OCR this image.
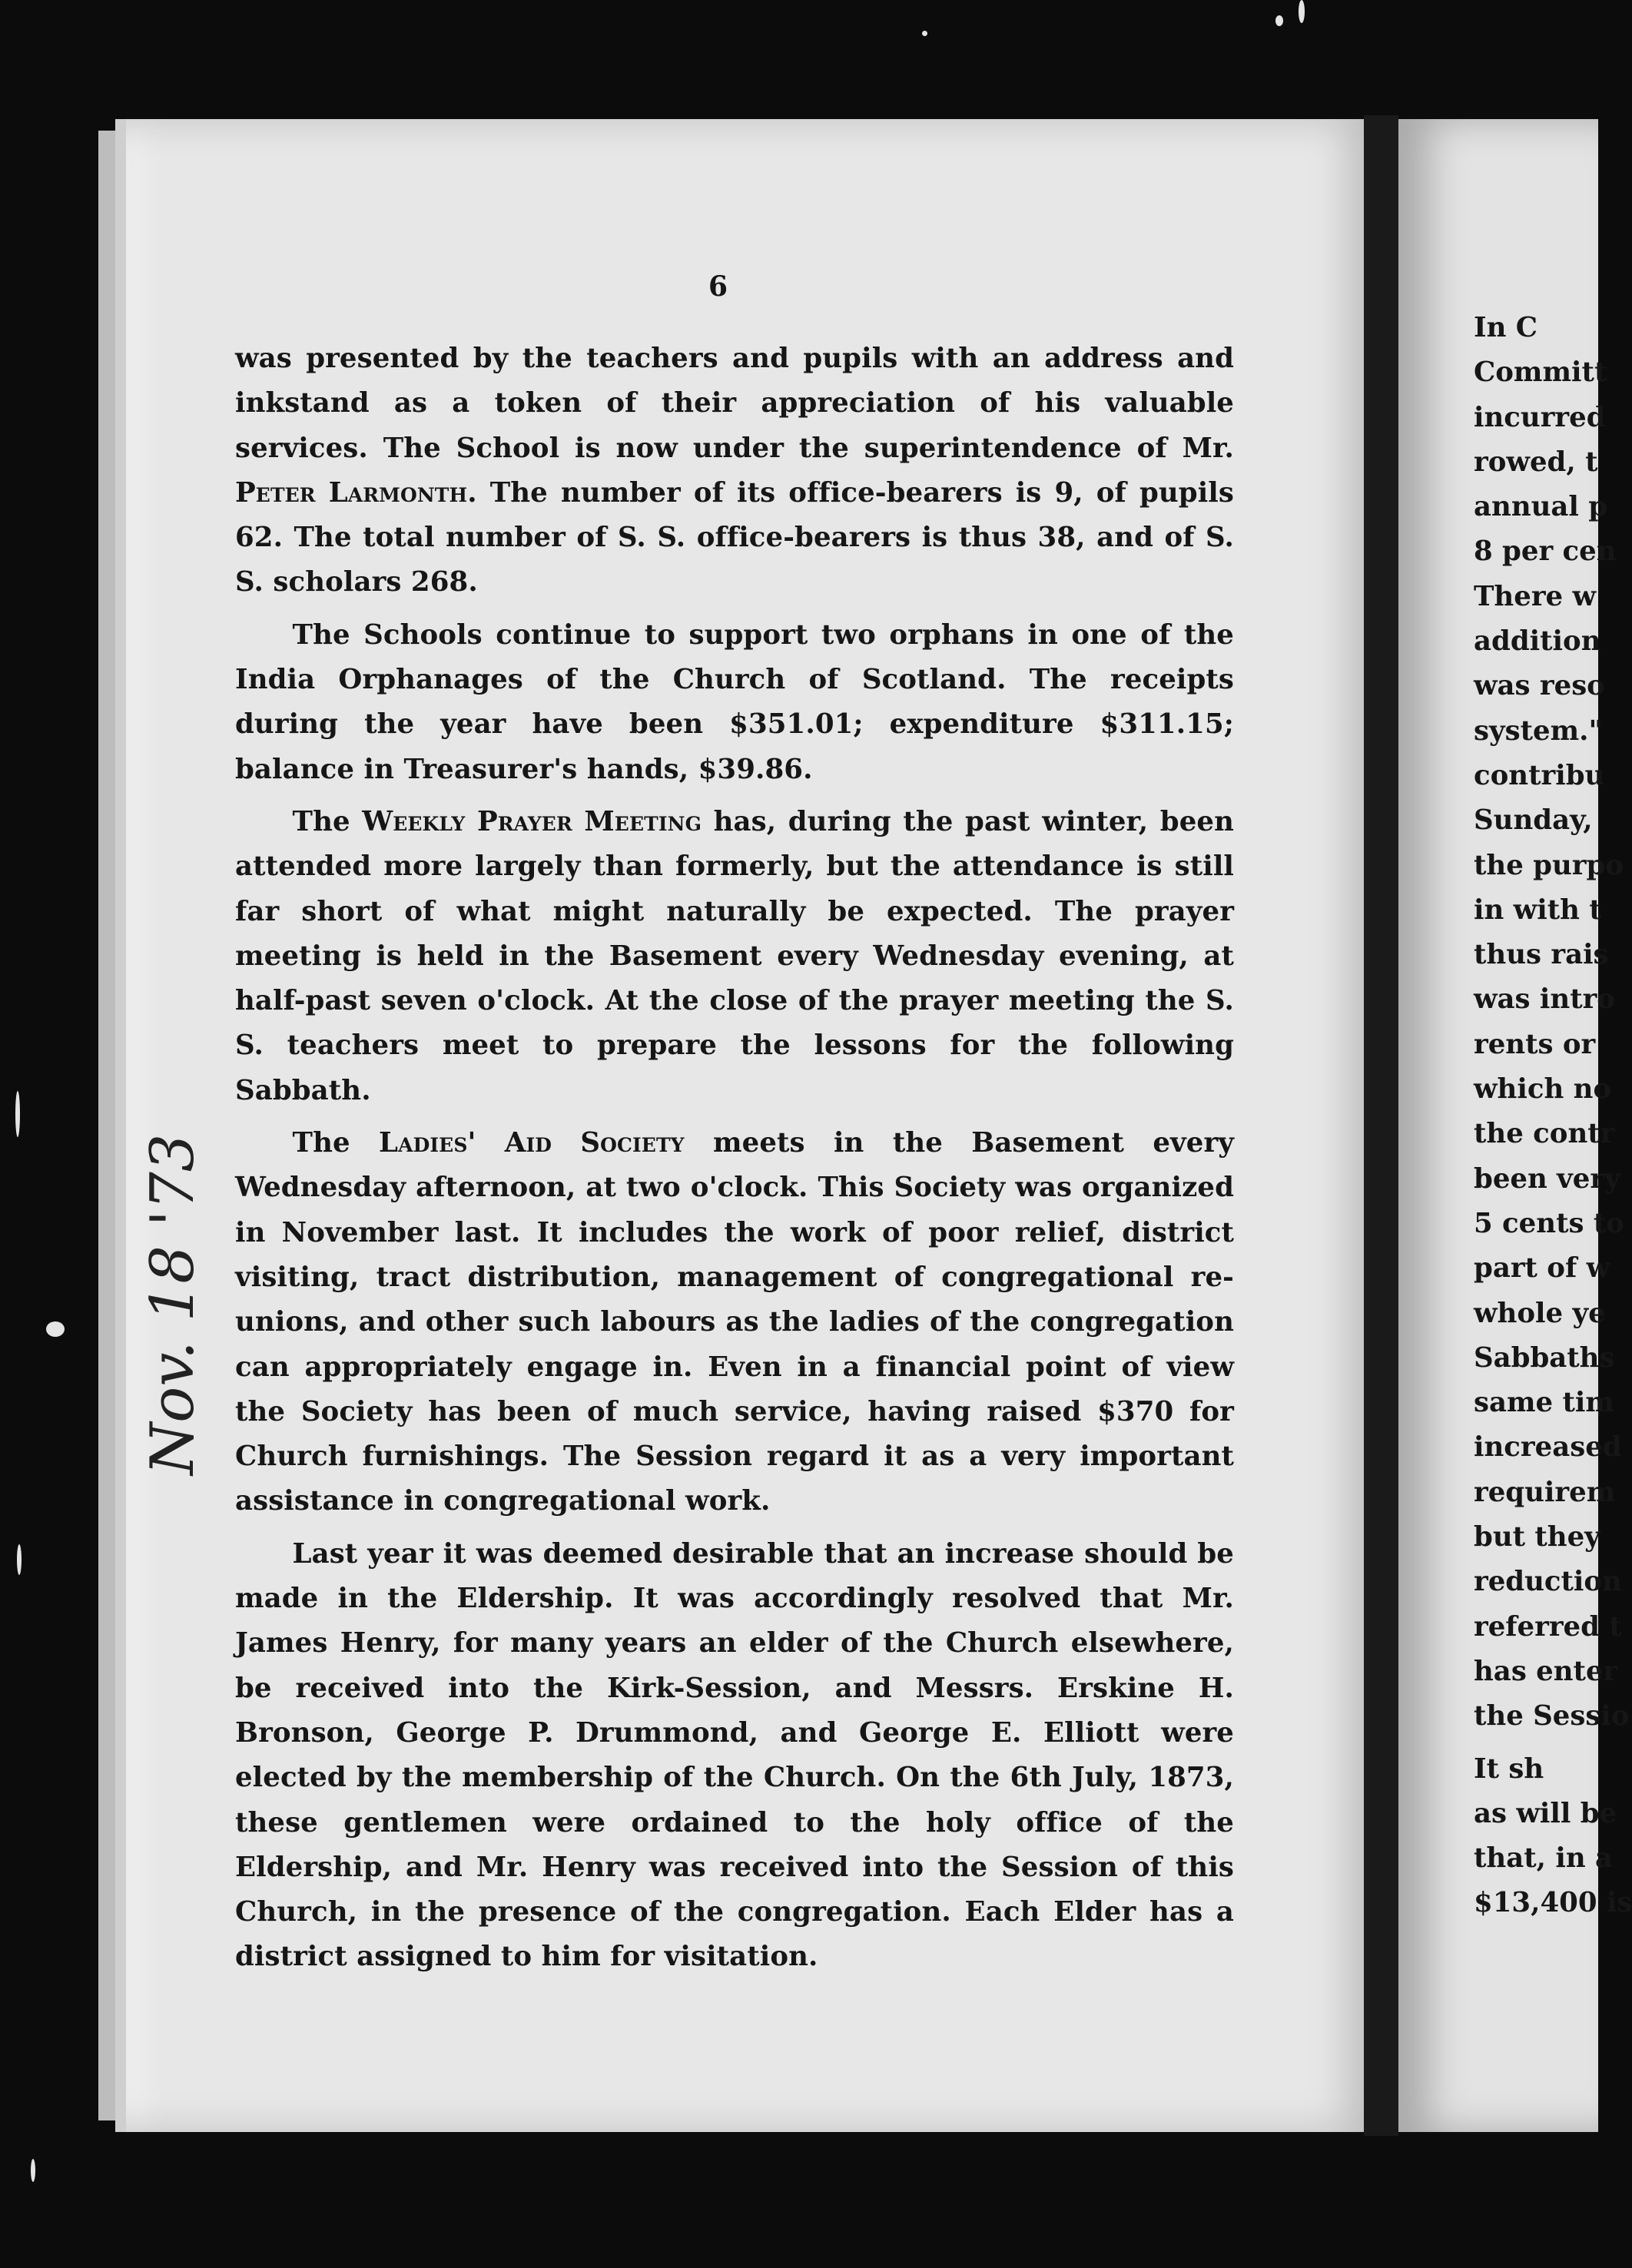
6

was presented by the teachers and pupils with an address and inkstand as a token of their appreciation of his valuable services. The School is now under the superintendence of Mr. Peter Larmonth. The number of its office-bearers is 9, of pupils 62. The total number of S. S. office-bearers is thus 38, and of S. S. scholars 268.

The Schools continue to support two orphans in one of the India Orphanages of the Church of Scotland. The receipts during the year have been $351.01; expenditure $311.15; balance in Treasurer's hands, $39.86.

The Weekly Prayer Meeting has, during the past winter, been attended more largely than formerly, but the attendance is still far short of what might naturally be expected. The prayer meeting is held in the Basement every Wednesday evening, at half-past seven o'clock. At the close of the prayer meeting the S. S. teachers meet to prepare the lessons for the following Sabbath.

The Ladies' Aid Society meets in the Basement every Wednesday afternoon, at two o'clock. This Society was organized in November last. It includes the work of poor relief, district visiting, tract distribution, management of congregational re-unions, and other such labours as the ladies of the congregation can appropriately engage in. Even in a financial point of view the Society has been of much service, having raised $370 for Church furnishings. The Session regard it as a very important assistance in congregational work.

Last year it was deemed desirable that an increase should be made in the Eldership. It was accordingly resolved that Mr. James Henry, for many years an elder of the Church elsewhere, be received into the Kirk-Session, and Messrs. Erskine H. Bronson, George P. Drummond, and George E. Elliott were elected by the membership of the Church. On the 6th July, 1873, these gentlemen were ordained to the holy office of the Eldership, and Mr. Henry was received into the Session of this Church, in the presence of the congregation. Each Elder has a district assigned to him for visitation.

In C
Committ
incurred
rowed, t
annual p
8 per cen
There w
addition
was reso
system."
contribu
Sunday,
the purpo
in with t
thus rais
was intro
rents or
which no
the contr
been very
5 cents to
part of w
whole ye
Sabbaths
same tim
increased
requirem
but they
reduction
referred t
has enter
the Sessio
It sh
as will be
that, in a
$13,400 is
Nov. 18 '73
